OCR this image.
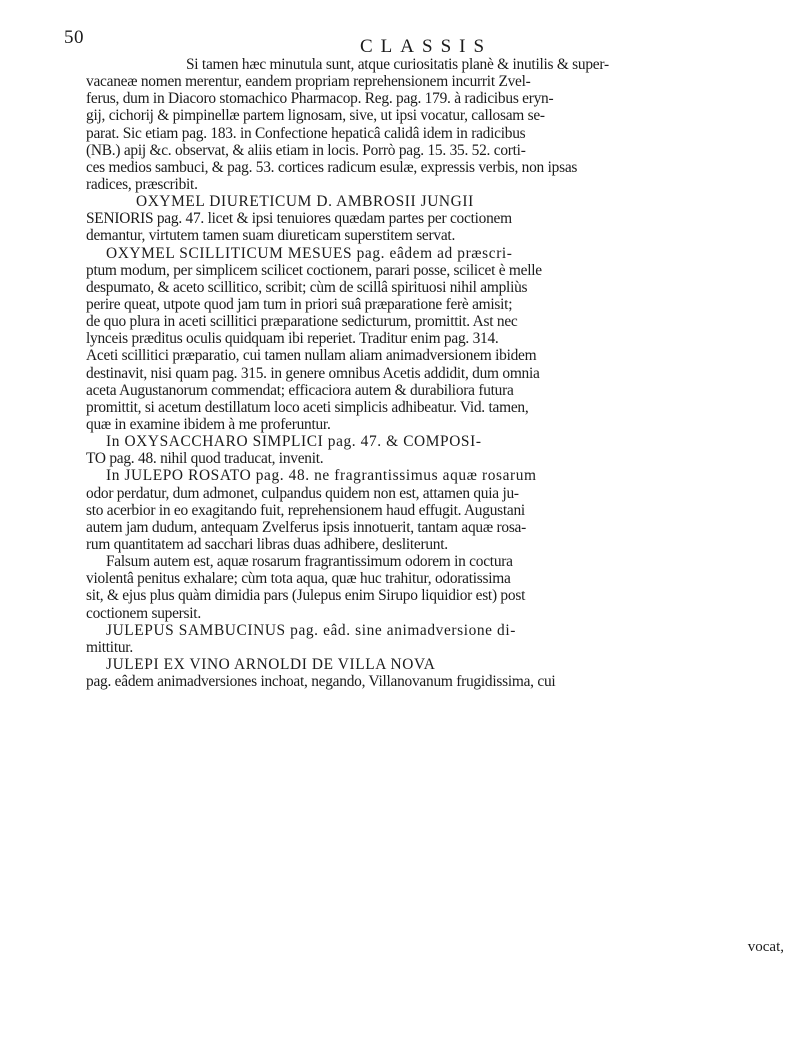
50	CLASSIS
Si tamen hæc minutula sunt, atque curiositatis planè & inutilis & super-
vacaneæ nomen merentur, eandem propriam reprehensionem incurrit Zvel-
ferus, dum in Diacoro stomachico Pharmacop. Reg. pag. 179. à radicibus eryn-
gij, cichorij & pimpinellæ partem lignosam, sive, ut ipsi vocatur, callosam se-
parat. Sic etiam pag. 183. in Confectione hepaticâ calidâ idem in radicibus
(NB.) apij &c. observat, & aliis etiam in locis. Porrò pag. 15. 35. 52. corti-
ces medios sambuci, & pag. 53. cortices radicum esulæ, expressis verbis, non ipsas
radices, præscribit.
OXYMEL DIURETICUM D. AMBROSII JUNGII
SENIORIS pag. 47. licet & ipsi tenuiores quædam partes per coctionem
demantur, virtutem tamen suam diureticam superstitem servat.
OXYMEL SCILLITICUM MESUES pag. eâdem ad præscri-
ptum modum, per simplicem scilicet coctionem, parari posse, scilicet è melle
despumato, & aceto scillitico, scribit; cùm de scillâ spirituosi nihil ampliùs
perire queat, utpote quod jam tum in priori suâ præparatione ferè amisit;
de quo plura in aceti scillitici præparatione sedicturum, promittit. Ast nec
lynceis præditus oculis quidquam ibi reperiet. Traditur enim pag. 314.
Aceti scillitici præparatio, cui tamen nullam aliam animadversionem ibidem
destinavit, nisi quam pag. 315. in genere omnibus Acetis addidit, dum omnia
aceta Augustanorum commendat; efficaciora autem & durabiliora futura
promittit, si acetum destillatum loco aceti simplicis adhibeatur. Vid. tamen,
quæ in examine ibidem à me proferuntur.
In OXYSACCHARO SIMPLICI pag. 47. & COMPOSI-
TO pag. 48. nihil quod traducat, invenit.
In JULEPO ROSATO pag. 48. ne fragrantissimus aquæ rosarum
odor perdatur, dum admonet, culpandus quidem non est, attamen quia ju-
sto acerbior in eo exagitando fuit, reprehensionem haud effugit. Augustani
autem jam dudum, antequam Zvelferus ipsis innotuerit, tantam aquæ rosa-
rum quantitatem ad sacchari libras duas adhibere, desliterunt.
Falsum autem est, aquæ rosarum fragrantissimum odorem in coctura
violentâ penitus exhalare; cùm tota aqua, quæ huc trahitur, odoratissima
sit, & ejus plus quàm dimidia pars (Julepus enim Sirupo liquidior est) post
coctionem supersit.
JULEPUS SAMBUCINUS pag. eâd. sine animadversione di-
mittitur.
JULEPI EX VINO ARNOLDI DE VILLA NOVA
pag. eâdem animadversiones inchoat, negando, Villanovanum frugidissima, cui
vocat,
